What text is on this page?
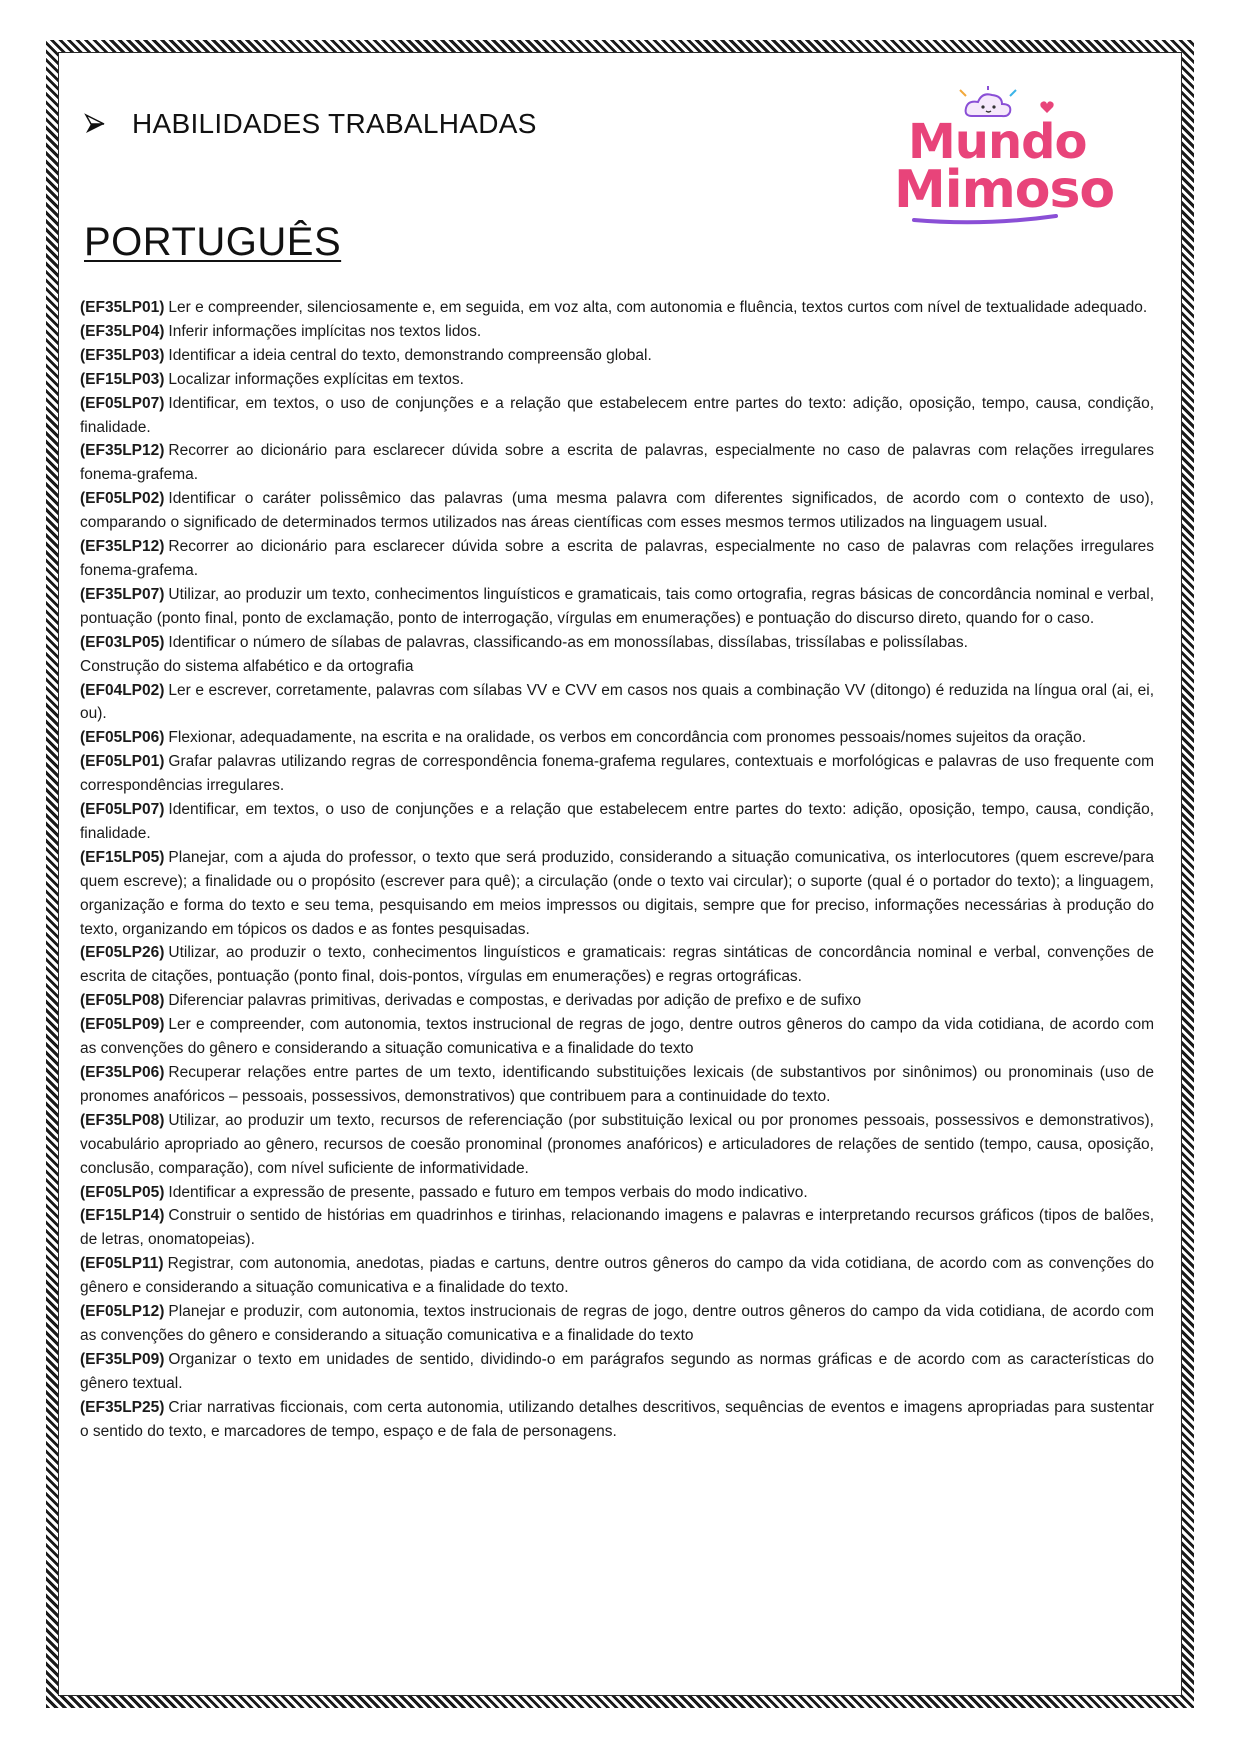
HABILIDADES TRABALHADAS	Mundo
Mimoso
PORTUGUÊS

(EF35LP01) Ler e compreender, silenciosamente e, em seguida, em voz alta, com autonomia e fluência, textos curtos com nível de textualidade adequado.

(EF35LP04) Inferir informações implícitas nos textos lidos.

(EF35LP03) Identificar a ideia central do texto, demonstrando compreensão global.

(EF15LP03) Localizar informações explícitas em textos.

(EF05LP07) Identificar, em textos, o uso de conjunções e a relação que estabelecem entre partes do texto: adição, oposição, tempo, causa, condição, finalidade.

(EF35LP12) Recorrer ao dicionário para esclarecer dúvida sobre a escrita de palavras, especialmente no caso de palavras com relações irregulares fonema-grafema.

(EF05LP02) Identificar o caráter polissêmico das palavras (uma mesma palavra com diferentes significados, de acordo com o contexto de uso), comparando o significado de determinados termos utilizados nas áreas científicas com esses mesmos termos utilizados na linguagem usual.

(EF35LP12) Recorrer ao dicionário para esclarecer dúvida sobre a escrita de palavras, especialmente no caso de palavras com relações irregulares fonema-grafema.

(EF35LP07) Utilizar, ao produzir um texto, conhecimentos linguísticos e gramaticais, tais como ortografia, regras básicas de concordância nominal e verbal, pontuação (ponto final, ponto de exclamação, ponto de interrogação, vírgulas em enumerações) e pontuação do discurso direto, quando for o caso.

(EF03LP05) Identificar o número de sílabas de palavras, classificando-as em monossílabas, dissílabas, trissílabas e polissílabas.

Construção do sistema alfabético e da ortografia

(EF04LP02) Ler e escrever, corretamente, palavras com sílabas VV e CVV em casos nos quais a combinação VV (ditongo) é reduzida na língua oral (ai, ei, ou).

(EF05LP06) Flexionar, adequadamente, na escrita e na oralidade, os verbos em concordância com pronomes pessoais/nomes sujeitos da oração.

(EF05LP01) Grafar palavras utilizando regras de correspondência fonema-grafema regulares, contextuais e morfológicas e palavras de uso frequente com correspondências irregulares.

(EF05LP07) Identificar, em textos, o uso de conjunções e a relação que estabelecem entre partes do texto: adição, oposição, tempo, causa, condição, finalidade.

(EF15LP05) Planejar, com a ajuda do professor, o texto que será produzido, considerando a situação comunicativa, os interlocutores (quem escreve/para quem escreve); a finalidade ou o propósito (escrever para quê); a circulação (onde o texto vai circular); o suporte (qual é o portador do texto); a linguagem, organização e forma do texto e seu tema, pesquisando em meios impressos ou digitais, sempre que for preciso, informações necessárias à produção do texto, organizando em tópicos os dados e as fontes pesquisadas.

(EF05LP26) Utilizar, ao produzir o texto, conhecimentos linguísticos e gramaticais: regras sintáticas de concordância nominal e verbal, convenções de escrita de citações, pontuação (ponto final, dois-pontos, vírgulas em enumerações) e regras ortográficas.

(EF05LP08) Diferenciar palavras primitivas, derivadas e compostas, e derivadas por adição de prefixo e de sufixo

(EF05LP09) Ler e compreender, com autonomia, textos instrucional de regras de jogo, dentre outros gêneros do campo da vida cotidiana, de acordo com as convenções do gênero e considerando a situação comunicativa e a finalidade do texto

(EF35LP06) Recuperar relações entre partes de um texto, identificando substituições lexicais (de substantivos por sinônimos) ou pronominais (uso de pronomes anafóricos – pessoais, possessivos, demonstrativos) que contribuem para a continuidade do texto.

(EF35LP08) Utilizar, ao produzir um texto, recursos de referenciação (por substituição lexical ou por pronomes pessoais, possessivos e demonstrativos), vocabulário apropriado ao gênero, recursos de coesão pronominal (pronomes anafóricos) e articuladores de relações de sentido (tempo, causa, oposição, conclusão, comparação), com nível suficiente de informatividade.

(EF05LP05) Identificar a expressão de presente, passado e futuro em tempos verbais do modo indicativo.

(EF15LP14) Construir o sentido de histórias em quadrinhos e tirinhas, relacionando imagens e palavras e interpretando recursos gráficos (tipos de balões, de letras, onomatopeias).

(EF05LP11) Registrar, com autonomia, anedotas, piadas e cartuns, dentre outros gêneros do campo da vida cotidiana, de acordo com as convenções do gênero e considerando a situação comunicativa e a finalidade do texto.

(EF05LP12) Planejar e produzir, com autonomia, textos instrucionais de regras de jogo, dentre outros gêneros do campo da vida cotidiana, de acordo com as convenções do gênero e considerando a situação comunicativa e a finalidade do texto

(EF35LP09) Organizar o texto em unidades de sentido, dividindo-o em parágrafos segundo as normas gráficas e de acordo com as características do gênero textual.

(EF35LP25) Criar narrativas ficcionais, com certa autonomia, utilizando detalhes descritivos, sequências de eventos e imagens apropriadas para sustentar o sentido do texto, e marcadores de tempo, espaço e de fala de personagens.
